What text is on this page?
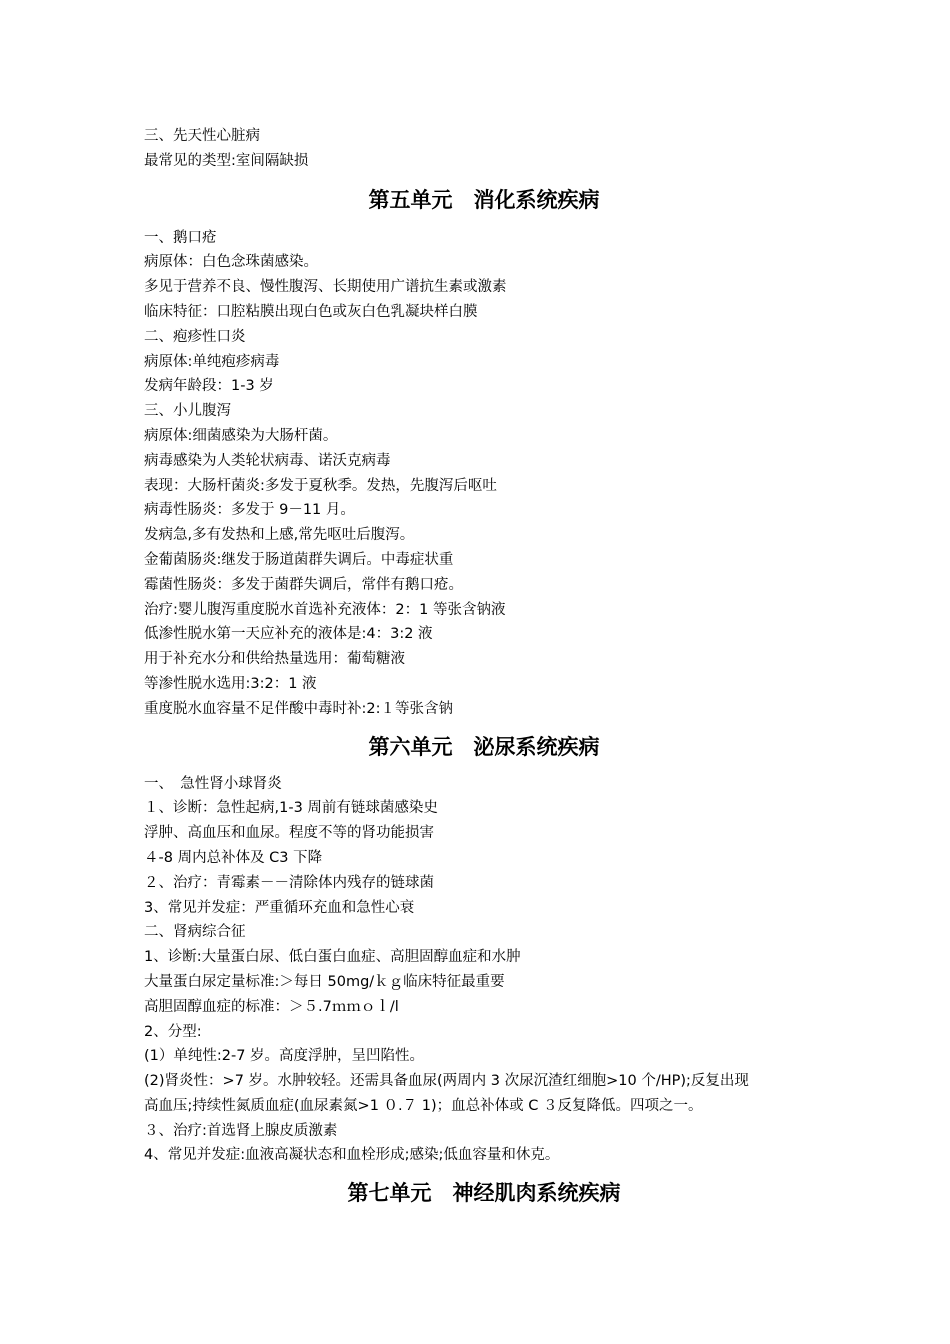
三、先天性心脏病
最常见的类型:室间隔缺损
第五单元　消化系统疾病
一、鹅口疮
病原体：白色念珠菌感染。
多见于营养不良、慢性腹泻、长期使用广谱抗生素或激素
临床特征：口腔粘膜出现白色或灰白色乳凝块样白膜
二、疱疹性口炎
病原体:单纯疱疹病毒
发病年龄段：1-3 岁
三、小儿腹泻
病原体:细菌感染为大肠杆菌。
病毒感染为人类轮状病毒、诺沃克病毒
表现：大肠杆菌炎:多发于夏秋季。发热，先腹泻后呕吐
病毒性肠炎：多发于 9－11 月。
发病急,多有发热和上感,常先呕吐后腹泻。
金葡菌肠炎:继发于肠道菌群失调后。中毒症状重
霉菌性肠炎：多发于菌群失调后，常伴有鹅口疮。
治疗:婴儿腹泻重度脱水首选补充液体：2：1 等张含钠液
低渗性脱水第一天应补充的液体是:4：3:2 液
用于补充水分和供给热量选用：葡萄糖液
等渗性脱水选用:3:2：1 液
重度脱水血容量不足伴酸中毒时补:2:１等张含钠
第六单元　泌尿系统疾病
一、　急性肾小球肾炎
１、诊断：急性起病,1-3 周前有链球菌感染史
浮肿、高血压和血尿。程度不等的肾功能损害
４-8 周内总补体及 C3 下降
２、治疗：青霉素－－清除体内残存的链球菌
3、常见并发症：严重循环充血和急性心衰
二、肾病综合征
1、诊断:大量蛋白尿、低白蛋白血症、高胆固醇血症和水肿
大量蛋白尿定量标准:＞每日 50mg/ｋｇ临床特征最重要
高胆固醇血症的标准：＞５.7ｍｍｏｌ/l
2、分型:
(1）单纯性:2-7 岁。高度浮肿，呈凹陷性。
(2)肾炎性：>7 岁。水肿较轻。还需具备血尿(两周内 3 次尿沉渣红细胞>10 个/HP);反复出现
高血压;持续性氮质血症(血尿素氮>1 ０.７ 1)；血总补体或 C ３反复降低。四项之一。
３、治疗:首选肾上腺皮质激素
4、常见并发症:血液高凝状态和血栓形成;感染;低血容量和休克。
第七单元　神经肌肉系统疾病
